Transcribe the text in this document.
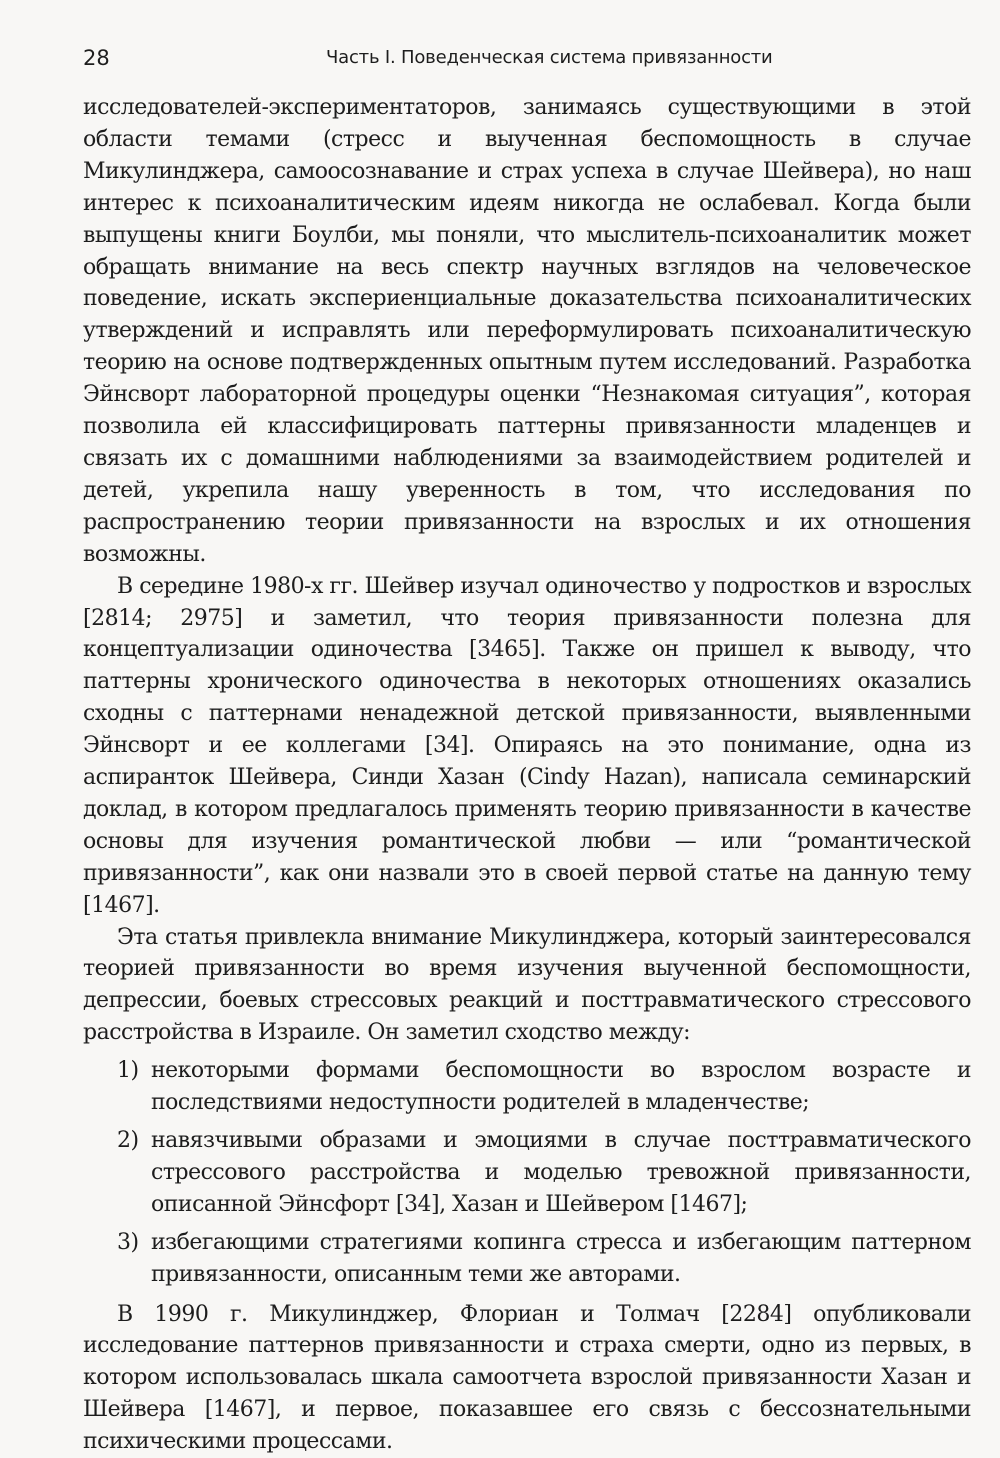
28	Часть I. Поведенческая система привязанности

исследователей-экспериментаторов, занимаясь существующими в этой области темами (стресс и выученная беспомощность в случае Микулинджера, самоосознавание и страх успеха в случае Шейвера), но наш интерес к психоаналитическим идеям никогда не ослабевал. Когда были выпущены книги Боулби, мы поняли, что мыслитель-психоаналитик может обращать внимание на весь спектр научных взглядов на человеческое поведение, искать экспериенциальные доказательства психоаналитических утверждений и исправлять или переформулировать психоаналитическую теорию на основе подтвержденных опытным путем исследований. Разработка Эйнсворт лабораторной процедуры оценки “Незнакомая ситуация”, которая позволила ей классифицировать паттерны привязанности младенцев и связать их с домашними наблюдениями за взаимодействием родителей и детей, укрепила нашу уверенность в том, что исследования по распространению теории привязанности на взрослых и их отношения возможны.

В середине 1980-х гг. Шейвер изучал одиночество у подростков и взрослых [2814; 2975] и заметил, что теория привязанности полезна для концептуализации одиночества [3465]. Также он пришел к выводу, что паттерны хронического одиночества в некоторых отношениях оказались сходны с паттернами ненадежной детской привязанности, выявленными Эйнсворт и ее коллегами [34]. Опираясь на это понимание, одна из аспиранток Шейвера, Синди Хазан (Cindy Hazan), написала семинарский доклад, в котором предлагалось применять теорию привязанности в качестве основы для изучения романтической любви — или “романтической привязанности”, как они назвали это в своей первой статье на данную тему [1467].

Эта статья привлекла внимание Микулинджера, который заинтересовался теорией привязанности во время изучения выученной беспомощности, депрессии, боевых стрессовых реакций и посттравматического стрессового расстройства в Израиле. Он заметил сходство между:

1) некоторыми формами беспомощности во взрослом возрасте и последствиями недоступности родителей в младенчестве;
2) навязчивыми образами и эмоциями в случае посттравматического стрессового расстройства и моделью тревожной привязанности, описанной Эйнсфорт [34], Хазан и Шейвером [1467];
3) избегающими стратегиями копинга стресса и избегающим паттерном привязанности, описанным теми же авторами.

В 1990 г. Микулинджер, Флориан и Толмач [2284] опубликовали исследование паттернов привязанности и страха смерти, одно из первых, в котором использовалась шкала самоотчета взрослой привязанности Хазан и Шейвера [1467], и первое, показавшее его связь с бессознательными психическими процессами.
